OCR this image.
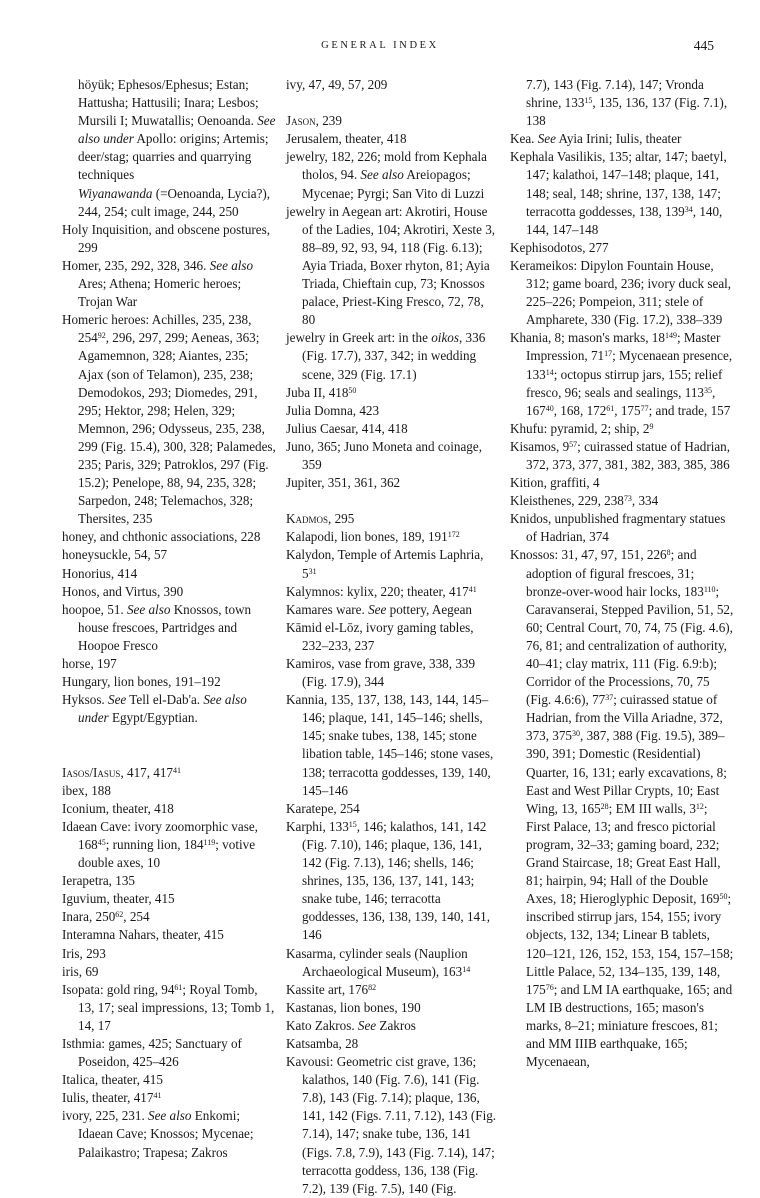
GENERAL INDEX	445

höyük; Ephesos/Ephesus; Estan; Hattusha; Hattusili; Inara; Lesbos; Mursili I; Muwatallis; Oenoanda. See also under Apollo: origins; Artemis; deer/stag; quarries and quarrying techniques

Wiyanawanda (=Oenoanda, Lycia?), 244, 254; cult image, 244, 250

Holy Inquisition, and obscene postures, 299

Homer, 235, 292, 328, 346. See also Ares; Athena; Homeric heroes; Trojan War

Homeric heroes: Achilles, 235, 238, $254^{92}$, 296, 297, 299; Aeneas, 363; Agamemnon, 328; Aiantes, 235; Ajax (son of Telamon), 235, 238; Demodokos, 293; Diomedes, 291, 295; Hektor, 298; Helen, 329; Memnon, 296; Odysseus, 235, 238, 299 (Fig. 15.4), 300, 328; Palamedes, 235; Paris, 329; Patroklos, 297 (Fig. 15.2); Penelope, 88, 94, 235, 328; Sarpedon, 248; Telemachos, 328; Thersites, 235

honey, and chthonic associations, 228

honeysuckle, 54, 57

Honorius, 414

Honos, and Virtus, 390

hoopoe, 51. See also Knossos, town house frescoes, Partridges and Hoopoe Fresco

horse, 197

Hungary, lion bones, 191–192

Hyksos. See Tell el-Dab'a. See also under Egypt/Egyptian.

Iasos/Iasus, 417, $417^{41}$

ibex, 188

Iconium, theater, 418

Idaean Cave: ivory zoomorphic vase, $168^{45}$; running lion, $184^{119}$; votive double axes, 10

Ierapetra, 135

Iguvium, theater, 415

Inara, $250^{62}$, 254

Interamna Nahars, theater, 415

Iris, 293

iris, 69

Isopata: gold ring, $94^{61}$; Royal Tomb, 13, 17; seal impressions, 13; Tomb 1, 14, 17

Isthmia: games, 425; Sanctuary of Poseidon, 425–426

Italica, theater, 415

Iulis, theater, $417^{41}$

ivory, 225, 231. See also Enkomi; Idaean Cave; Knossos; Mycenae; Palaikastro; Trapesa; Zakros

ivy, 47, 49, 57, 209

Jason, 239

Jerusalem, theater, 418

jewelry, 182, 226; mold from Kephala tholos, 94. See also Areiopagos; Mycenae; Pyrgi; San Vito di Luzzi

jewelry in Aegean art: Akrotiri, House of the Ladies, 104; Akrotiri, Xeste 3, 88–89, 92, 93, 94, 118 (Fig. 6.13); Ayia Triada, Boxer rhyton, 81; Ayia Triada, Chieftain cup, 73; Knossos palace, Priest-King Fresco, 72, 78, 80

jewelry in Greek art: in the oikos, 336 (Fig. 17.7), 337, 342; in wedding scene, 329 (Fig. 17.1)

Juba II, $418^{50}$

Julia Domna, 423

Julius Caesar, 414, 418

Juno, 365; Juno Moneta and coinage, 359

Jupiter, 351, 361, 362

Kadmos, 295

Kalapodi, lion bones, 189, $191^{172}$

Kalydon, Temple of Artemis Laphria, $5^{31}$

Kalymnos: kylix, 220; theater, $417^{41}$

Kamares ware. See pottery, Aegean

Kāmid el-Lōz, ivory gaming tables, 232–233, 237

Kamiros, vase from grave, 338, 339 (Fig. 17.9), 344

Kannia, 135, 137, 138, 143, 144, 145–146; plaque, 141, 145–146; shells, 145; snake tubes, 138, 145; stone libation table, 145–146; stone vases, 138; terracotta goddesses, 139, 140, 145–146

Karatepe, 254

Karphi, $133^{15}$, 146; kalathos, 141, 142 (Fig. 7.10), 146; plaque, 136, 141, 142 (Fig. 7.13), 146; shells, 146; shrines, 135, 136, 137, 141, 143; snake tube, 146; terracotta goddesses, 136, 138, 139, 140, 141, 146

Kasarma, cylinder seals (Nauplion Archaeological Museum), $163^{14}$

Kassite art, $176^{82}$

Kastanas, lion bones, 190

Kato Zakros. See Zakros

Katsamba, 28

Kavousi: Geometric cist grave, 136; kalathos, 140 (Fig. 7.6), 141 (Fig. 7.8), 143 (Fig. 7.14); plaque, 136, 141, 142 (Figs. 7.11, 7.12), 143 (Fig. 7.14), 147; snake tube, 136, 141 (Figs. 7.8, 7.9), 143 (Fig. 7.14), 147; terracotta goddess, 136, 138 (Fig. 7.2), 139 (Fig. 7.5), 140 (Fig.

7.7), 143 (Fig. 7.14), 147; Vronda shrine, $133^{15}$, 135, 136, 137 (Fig. 7.1), 138

Kea. See Ayia Irini; Iulis, theater

Kephala Vasilikis, 135; altar, 147; baetyl, 147; kalathoi, 147–148; plaque, 141, 148; seal, 148; shrine, 137, 138, 147; terracotta goddesses, 138, $139^{34}$, 140, 144, 147–148

Kephisodotos, 277

Kerameikos: Dipylon Fountain House, 312; game board, 236; ivory duck seal, 225–226; Pompeion, 311; stele of Ampharete, 330 (Fig. 17.2), 338–339

Khania, 8; mason's marks, $18^{149}$; Master Impression, $71^{17}$; Mycenaean presence, $133^{14}$; octopus stirrup jars, 155; relief fresco, 96; seals and sealings, $113^{35}$, $167^{40}$, 168, $172^{61}$, $175^{77}$; and trade, 157

Khufu: pyramid, 2; ship, $2^9$

Kisamos, $9^{57}$; cuirassed statue of Hadrian, 372, 373, 377, 381, 382, 383, 385, 386

Kition, graffiti, 4

Kleisthenes, 229, $238^{73}$, 334

Knidos, unpublished fragmentary statues of Hadrian, 374

Knossos: 31, 47, 97, 151, $226^8$; and adoption of figural frescoes, 31; bronze-over-wood hair locks, $183^{110}$; Caravanserai, Stepped Pavilion, 51, 52, 60; Central Court, 70, 74, 75 (Fig. 4.6), 76, 81; and centralization of authority, 40–41; clay matrix, 111 (Fig. 6.9:b); Corridor of the Processions, 70, 75 (Fig. 4.6:6), $77^{37}$; cuirassed statue of Hadrian, from the Villa Ariadne, 372, 373, $375^{30}$, 387, 388 (Fig. 19.5), 389–390, 391; Domestic (Residential) Quarter, 16, 131; early excavations, 8; East and West Pillar Crypts, 10; East Wing, 13, $165^{28}$; EM III walls, $3^{12}$; First Palace, 13; and fresco pictorial program, 32–33; gaming board, 232; Grand Staircase, 18; Great East Hall, 81; hairpin, 94; Hall of the Double Axes, 18; Hieroglyphic Deposit, $169^{50}$; inscribed stirrup jars, 154, 155; ivory objects, 132, 134; Linear B tablets, 120–121, 126, 152, 153, 154, 157–158; Little Palace, 52, 134–135, 139, 148, $175^{76}$; and LM IA earthquake, 165; and LM IB destructions, 165; mason's marks, 8–21; miniature frescoes, 81; and MM IIIB earthquake, 165; Mycenaean,
